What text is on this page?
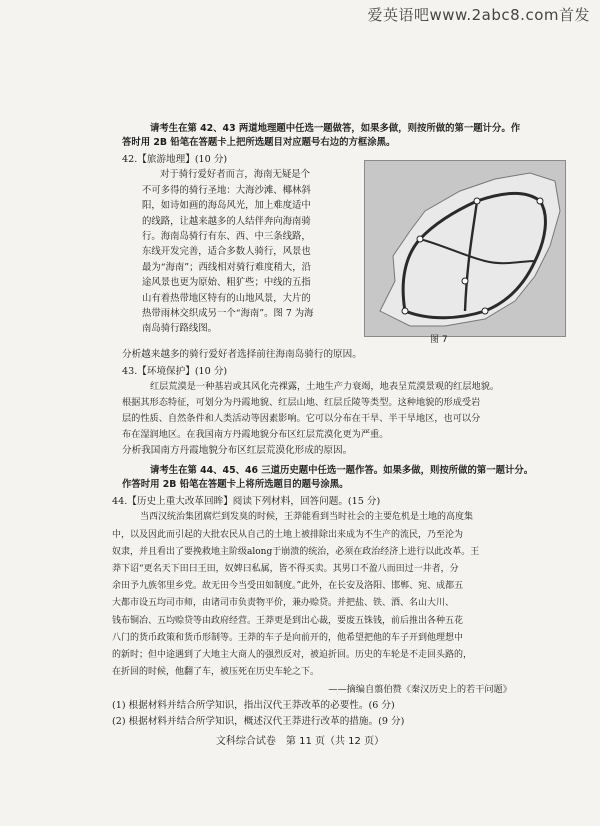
爱英语吧www.2abc8.com首发
请考生在第 42、43 两道地理题中任选一题做答，如果多做，则按所做的第一题计分。作
答时用 2B 铅笔在答题卡上把所选题目对应题号右边的方框涂黑。
42.【旅游地理】(10 分)
对于骑行爱好者而言，海南无疑是个
不可多得的骑行圣地：大海沙滩、椰林斜
阳，如诗如画的海岛风光，加上难度适中
的线路，让越来越多的人结伴奔向海南骑
行。海南岛骑行有东、西、中三条线路，
东线开发完善，适合多数人骑行，风景也
最为“海南”；西线相对骑行难度稍大，沿
途风景也更为原始、粗犷些；中线的五指
山有着热带地区特有的山地风景，大片的
热带雨林交织成另一个“海南”。图 7 为海
南岛骑行路线图。
图 7
分析越来越多的骑行爱好者选择前往海南岛骑行的原因。
43.【环境保护】(10 分)
红层荒漠是一种基岩或其风化壳裸露，土地生产力衰竭，地表呈荒漠景观的红层地貌。
根据其形态特征，可划分为丹霞地貌、红层山地、红层丘陵等类型。这种地貌的形成受岩
层的性质、自然条件和人类活动等因素影响。它可以分布在干旱、半干旱地区，也可以分
布在湿润地区。在我国南方丹霞地貌分布区红层荒漠化更为严重。
分析我国南方丹霞地貌分布区红层荒漠化形成的原因。
请考生在第 44、45、46 三道历史题中任选一题作答。如果多做，则按所做的第一题计分。
作答时用 2B 铅笔在答题卡上将所选题目的题号涂黑。
44.【历史上重大改革回眸】阅读下列材料，回答问题。(15 分)
当西汉统治集团腐烂到发臭的时候，王莽能看到当时社会的主要危机是土地的高度集
中，以及因此而引起的大批农民从自己的土地上被排除出来成为不生产的流民，乃至沦为
奴隶，并且看出了要挽救地主阶级along于崩溃的统治，必须在政治经济上进行以此改革。王
莽下诏“更名天下田曰王田，奴婢曰私属，皆不得买卖。其男口不盈八而田过一井者，分
余田予九族邻里乡党。故无田今当受田如制度。”此外，在长安及洛阳、邯郸、宛、成都五
大都市设五均司市师，由诸司市负责物平价，兼办赊贷。并把盐、铁、酒、名山大川、
钱布铜冶、五均赊贷等由政府经营。王莽更是到出心裁，要废五铢钱，前后推出各种五花
八门的货币政策和货币形制等。王莽的车子是向前开的，他希望把他的车子开到他理想中
的新时；但中途遇到了大地主大商人的强烈反对，被迫折回。历史的车轮是不走回头路的，
在折回的时候，他翻了车，被压死在历史车轮之下。
——摘编自翦伯赞《秦汉历史上的若干问题》
(1) 根据材料并结合所学知识，指出汉代王莽改革的必要性。(6 分)
(2) 根据材料并结合所学知识，概述汉代王莽进行改革的措施。(9 分)
文科综合试卷　第 11 页（共 12 页）
